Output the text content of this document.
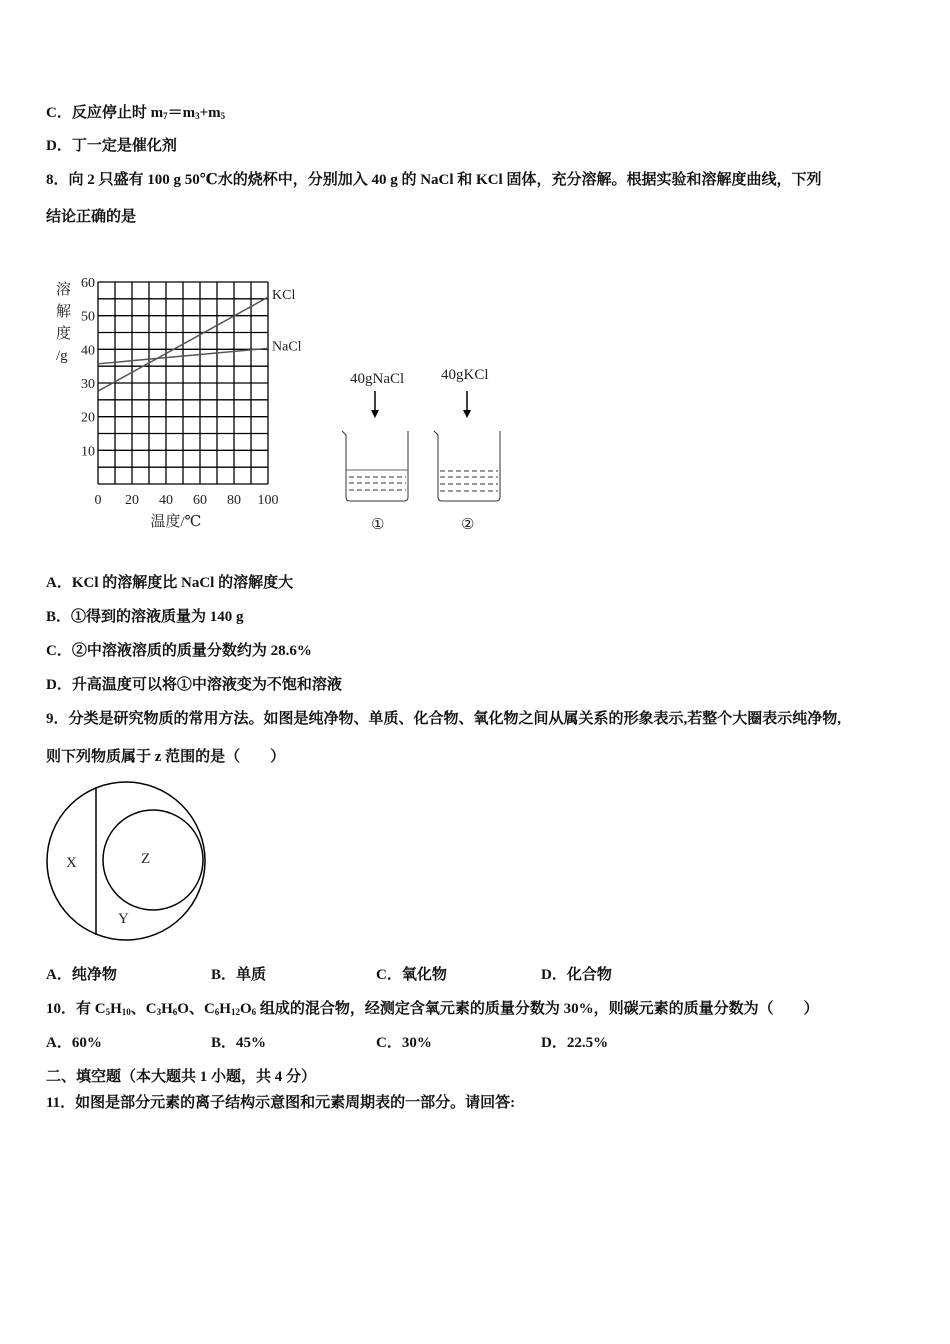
C．反应停止时 $m_7=m_3+m_5$
D．丁一定是催化剂
8．向 2 只盛有 100 g 50℃水的烧杯中，分别加入 40 g 的 NaCl 和 KCl 固体，充分溶解。根据实验和溶解度曲线，下列
结论正确的是
0 20 40 60 80 100
10
20
30
40
50
60
溶
解
度
/g
温度/℃
KCl
NaCl
40gNaCl
①
40gKCl
②
A．KCl 的溶解度比 NaCl 的溶解度大
B．①得到的溶液质量为 140 g
C．②中溶液溶质的质量分数约为 28.6%
D．升高温度可以将①中溶液变为不饱和溶液
9．分类是研究物质的常用方法。如图是纯净物、单质、化合物、氧化物之间从属关系的形象表示,若整个大圈表示纯净物,
则下列物质属于 z 范围的是（　　）
X	Z
Y
A．纯净物	B．单质	C．氧化物	D．化合物
10．有 $C_5H_{10}$、$C_3H_6O$、$C_6H_{12}O_6$ 组成的混合物，经测定含氧元素的质量分数为 30%，则碳元素的质量分数为（　　）
A．60%	B．45%	C．30%	D．22.5%
二、填空题（本大题共 1 小题，共 4 分）
11．如图是部分元素的离子结构示意图和元素周期表的一部分。请回答:
